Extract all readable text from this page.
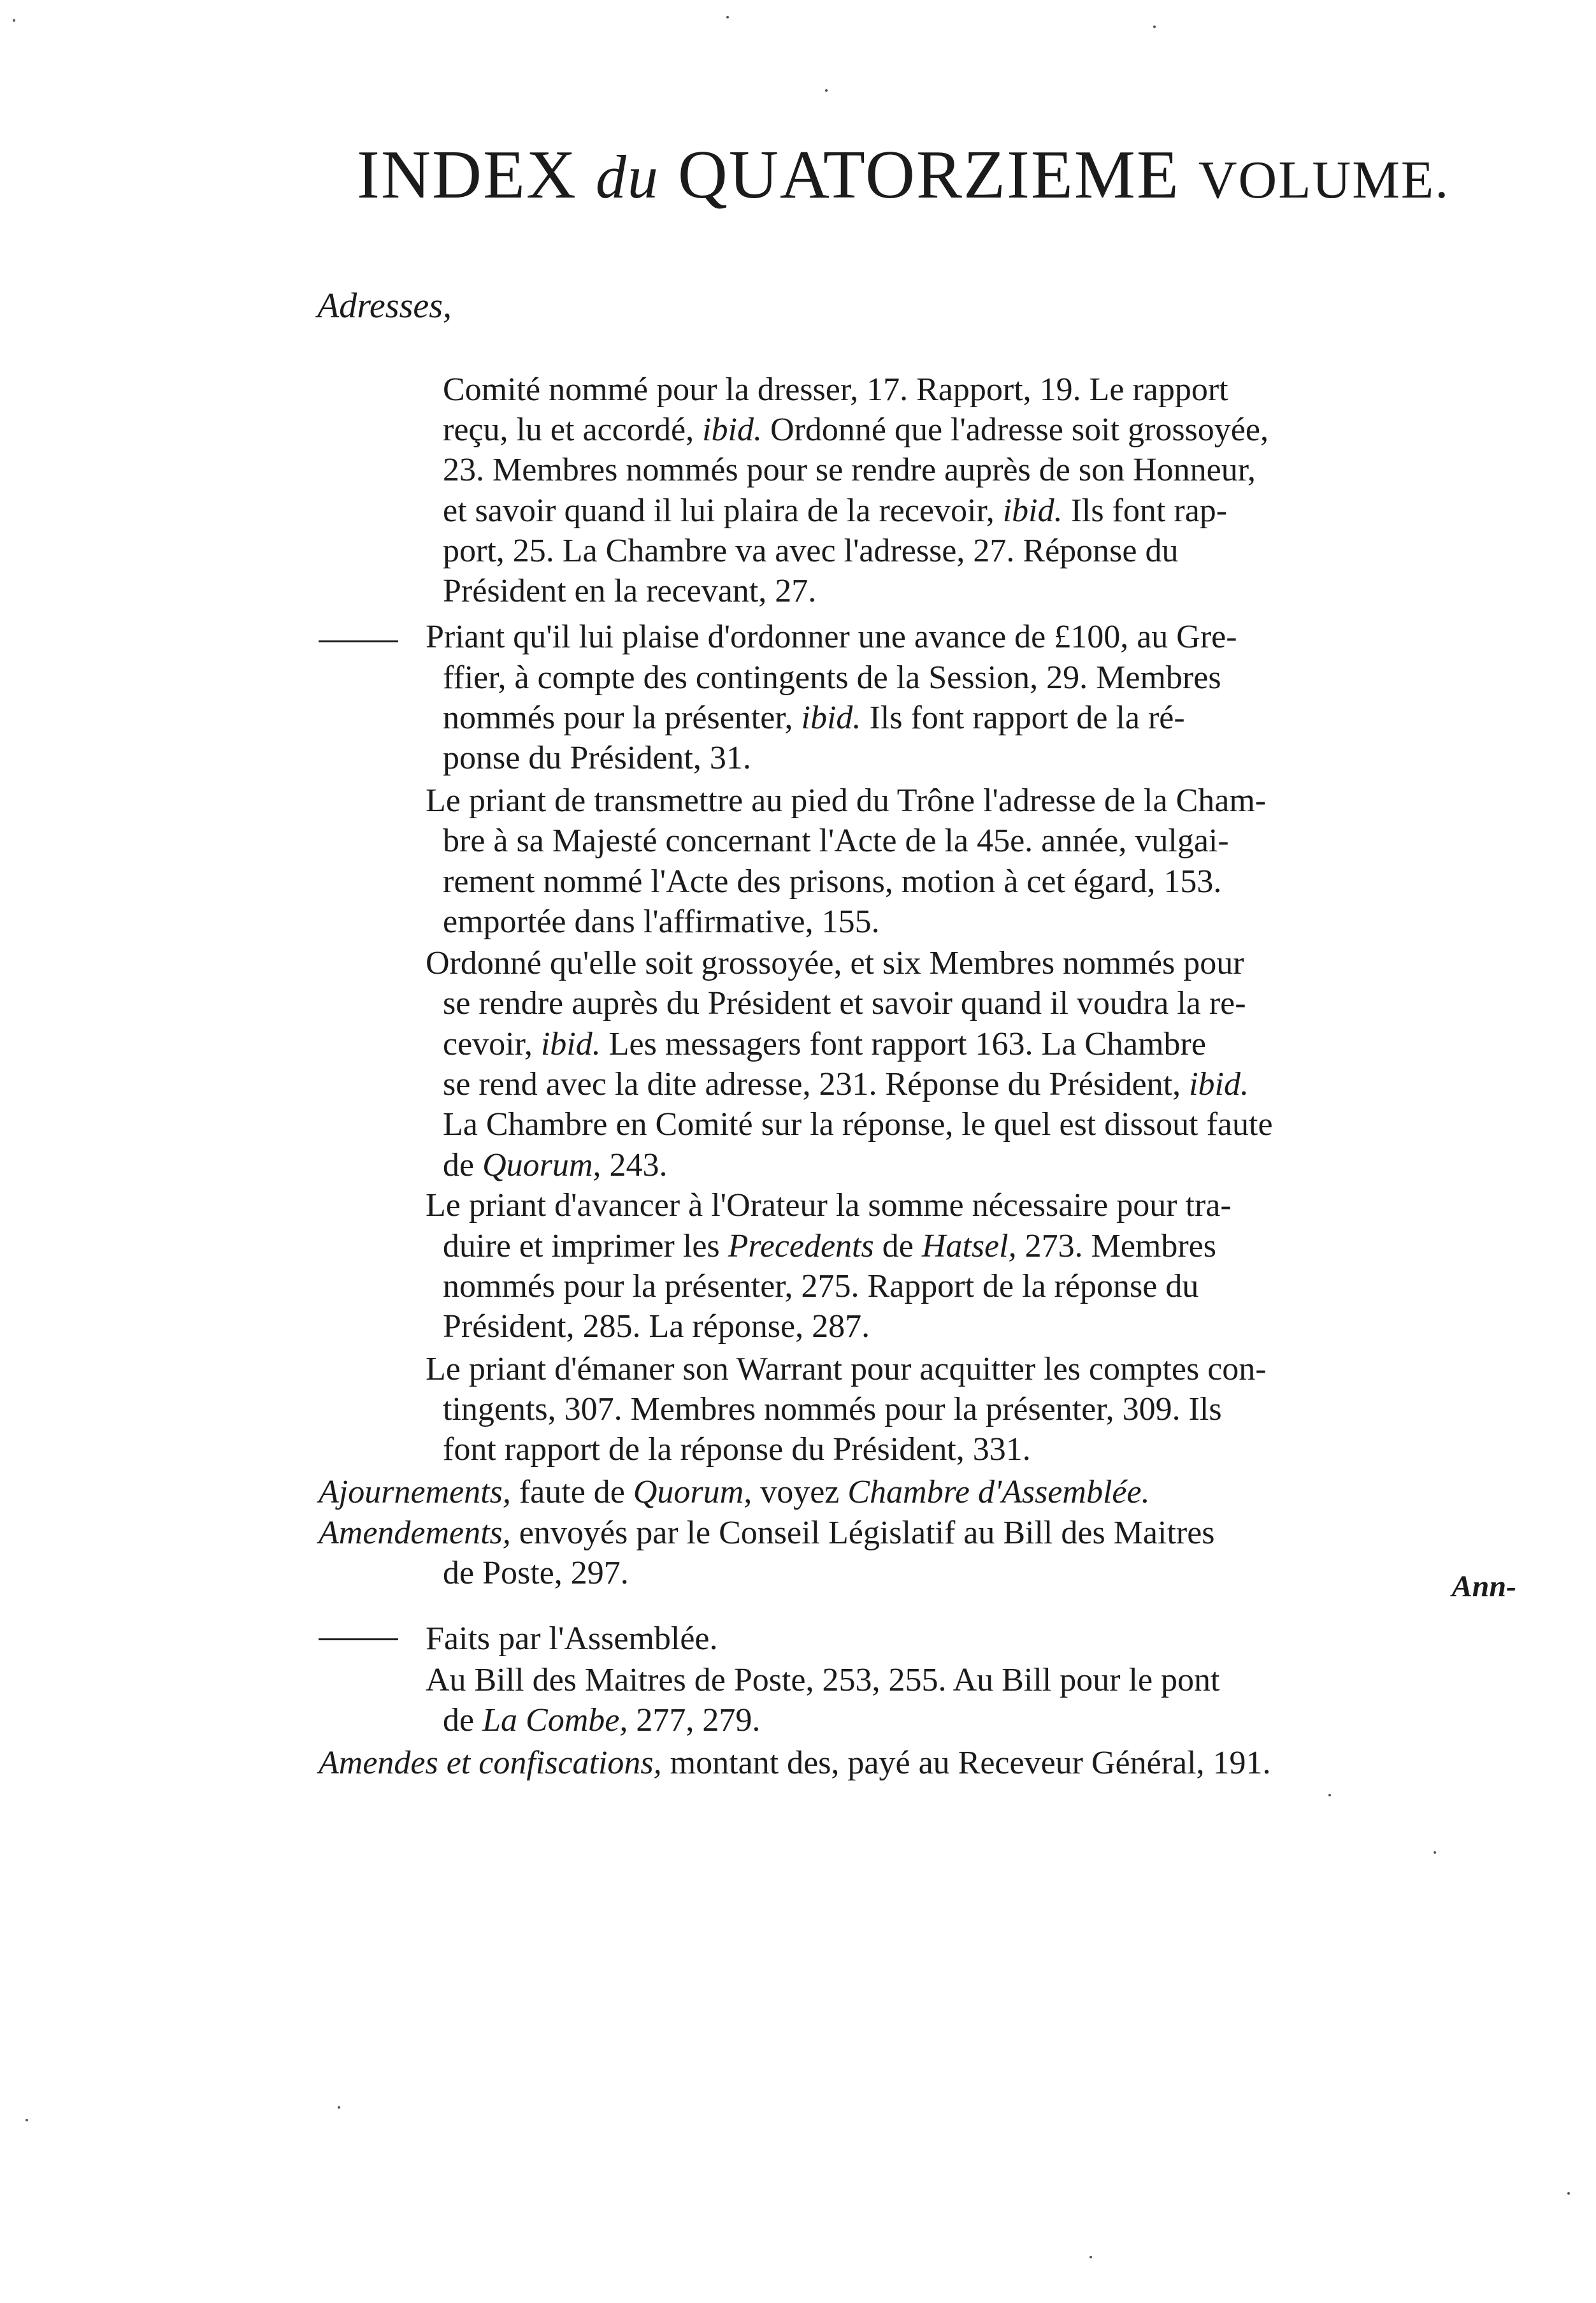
INDEX du QUATORZIEME VOLUME.
Adresses,
Comité nommé pour la dresser, 17. Rapport, 19. Le rapport
reçu, lu et accordé, ibid. Ordonné que l'adresse soit grossoyée,
23. Membres nommés pour se rendre auprès de son Honneur,
et savoir quand il lui plaira de la recevoir, ibid. Ils font rap-
port, 25. La Chambre va avec l'adresse, 27. Réponse du
Président en la recevant, 27.
Priant qu'il lui plaise d'ordonner une avance de £100, au Gre-
ffier, à compte des contingents de la Session, 29. Membres
nommés pour la présenter, ibid. Ils font rapport de la ré-
ponse du Président, 31.
Le priant de transmettre au pied du Trône l'adresse de la Cham-
bre à sa Majesté concernant l'Acte de la 45e. année, vulgai-
rement nommé l'Acte des prisons, motion à cet égard, 153.
emportée dans l'affirmative, 155.
Ordonné qu'elle soit grossoyée, et six Membres nommés pour
se rendre auprès du Président et savoir quand il voudra la re-
cevoir, ibid. Les messagers font rapport 163. La Chambre
se rend avec la dite adresse, 231. Réponse du Président, ibid.
La Chambre en Comité sur la réponse, le quel est dissout faute
de Quorum, 243.
Le priant d'avancer à l'Orateur la somme nécessaire pour tra-
duire et imprimer les Precedents de Hatsel, 273. Membres
nommés pour la présenter, 275. Rapport de la réponse du
Président, 285. La réponse, 287.
Le priant d'émaner son Warrant pour acquitter les comptes con-
tingents, 307. Membres nommés pour la présenter, 309. Ils
font rapport de la réponse du Président, 331.
Ajournements, faute de Quorum, voyez Chambre d'Assemblée.
Amendements, envoyés par le Conseil Législatif au Bill des Maitres
de Poste, 297.
Faits par l'Assemblée.
Au Bill des Maitres de Poste, 253, 255. Au Bill pour le pont
de La Combe, 277, 279.
Amendes et confiscations, montant des, payé au Receveur Général, 191.
Ann-
